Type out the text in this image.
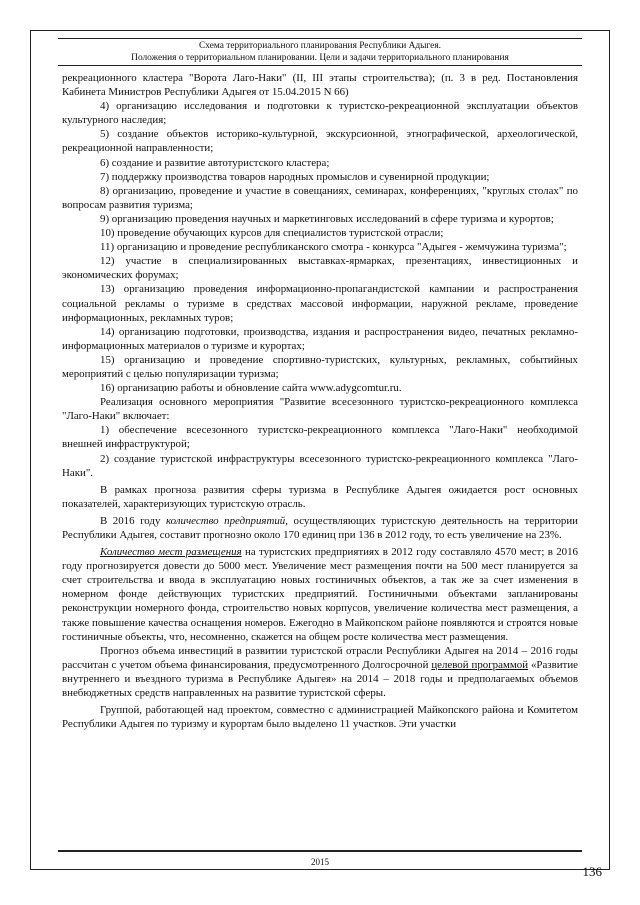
Схема территориального планирования Республики Адыгея.
Положения о территориальном планировании. Цели и задачи территориального планирования

рекреационного кластера "Ворота Лаго-Наки" (II, III этапы строительства); (п. 3 в ред. Постановления Кабинета Министров Республики Адыгея от 15.04.2015 N 66)

4) организацию исследования и подготовки к туристско-рекреационной эксплуатации объектов культурного наследия;

5) создание объектов историко-культурной, экскурсионной, этнографической, археологической, рекреационной направленности;

6) создание и развитие автотуристского кластера;

7) поддержку производства товаров народных промыслов и сувенирной продукции;

8) организацию, проведение и участие в совещаниях, семинарах, конференциях, "круглых столах" по вопросам развития туризма;

9) организацию проведения научных и маркетинговых исследований в сфере туризма и курортов;

10) проведение обучающих курсов для специалистов туристской отрасли;

11) организацию и проведение республиканского смотра - конкурса "Адыгея - жемчужина туризма";

12) участие в специализированных выставках-ярмарках, презентациях, инвестиционных и экономических форумах;

13) организацию проведения информационно-пропагандистской кампании и распространения социальной рекламы о туризме в средствах массовой информации, наружной рекламе, проведение информационных, рекламных туров;

14) организацию подготовки, производства, издания и распространения видео, печатных рекламно-информационных материалов о туризме и курортах;

15) организацию и проведение спортивно-туристских, культурных, рекламных, событийных мероприятий с целью популяризации туризма;

16) организацию работы и обновление сайта www.adygcomtur.ru.

Реализация основного мероприятия "Развитие всесезонного туристско-рекреационного комплекса "Лаго-Наки" включает:

1) обеспечение всесезонного туристско-рекреационного комплекса "Лаго-Наки" необходимой внешней инфраструктурой;

2) создание туристской инфраструктуры всесезонного туристско-рекреационного комплекса "Лаго-Наки".

В рамках прогноза развития сферы туризма в Республике Адыгея ожидается рост основных показателей, характеризующих туристскую отрасль.

В 2016 году количество предприятий, осуществляющих туристскую деятельность на территории Республики Адыгея, составит прогнозно около 170 единиц при 136 в 2012 году, то есть увеличение на 23%.

Количество мест размещения на туристских предприятиях в 2012 году составляло 4570 мест; в 2016 году прогнозируется довести до 5000 мест. Увеличение мест размещения почти на 500 мест планируется за счет строительства и ввода в эксплуатацию новых гостиничных объектов, а так же за счет изменения в номерном фонде действующих туристских предприятий. Гостиничными объектами запланированы реконструкции номерного фонда, строительство новых корпусов, увеличение количества мест размещения, а также повышение качества оснащения номеров. Ежегодно в Майкопском районе появляются и строятся новые гостиничные объекты, что, несомненно, скажется на общем росте количества мест размещения.

Прогноз объема инвестиций в развитии туристской отрасли Республики Адыгея на 2014 – 2016 годы рассчитан с учетом объема финансирования, предусмотренного Долгосрочной целевой программой «Развитие внутреннего и въездного туризма в Республике Адыгея» на 2014 – 2018 годы и предполагаемых объемов внебюджетных средств направленных на развитие туристской сферы.

Группой, работающей над проектом, совместно с администрацией Майкопского района и Комитетом Республики Адыгея по туризму и курортам было выделено 11 участков. Эти участки

2015
136
